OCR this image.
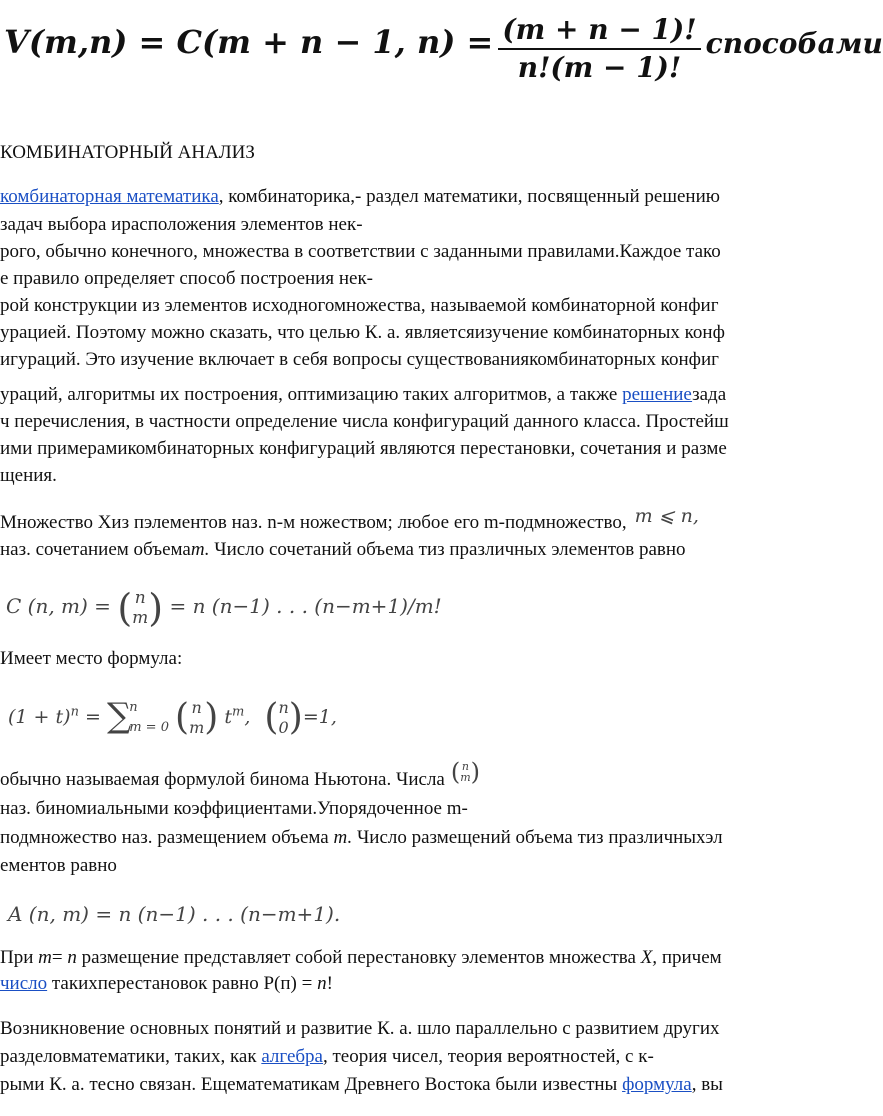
V(m,n) = C(m + n − 1, $n) = \frac{(m + n - 1)!}{n!(m - 1)!}$ способами
КОМБИНАТОРНЫЙ АНАЛИЗ
комбинаторная математика, комбинаторика,- раздел математики, посвященный решению
задач выбора ирасположения элементов нек-
рого, обычно конечного, множества в соответствии с заданными правилами.Каждое тако
е правило определяет способ построения нек-
рой конструкции из элементов исходногомножества, называемой комбинаторной конфиг
урацией. Поэтому можно сказать, что целью К. а. являетсяизучение комбинаторных конф
игураций. Это изучение включает в себя вопросы существованиякомбинаторных конфиг
ураций, алгоритмы их построения, оптимизацию таких алгоритмов, а также решениезада
ч перечисления, в частности определение числа конфигураций данного класса. Простейш
ими примерамикомбинаторных конфигураций являются перестановки, сочетания и разме
щения.
Множество Хиз пэлементов наз. n-м ножеством; любое его m-подмножество, m ⩽ n,
наз. сочетанием объемат. Число сочетаний объема тиз празличных элементов равно
C (n, m) = ( n
m ) = n (n−1) . . . (n−m+1)/m!
Имеет место формула:
$(1 + t)^n$ = ∑
n
m = 0 ( n
m ) $t^m$, ( n
0 )=1,
обычно называемая формулой бинома Ньютона. Числа ( n
m )
наз. биномиальными коэффициентами.Упорядоченное m-
подмножество наз. размещением объема т. Число размещений объема тиз празличныхэл
ементов равно
A (n, m) = n (n−1) . . . (n−m+1).
При т= п размещение представляет собой перестановку элементов множества X, причем
число такихперестановок равно Р(п) = п!
Возникновение основных понятий и развитие К. а. шло параллельно с развитием других
разделовматематики, таких, как алгебра, теория чисел, теория вероятностей, с к-
рыми К. а. тесно связан. Ещематематикам Древнего Востока были известны формула, вы
